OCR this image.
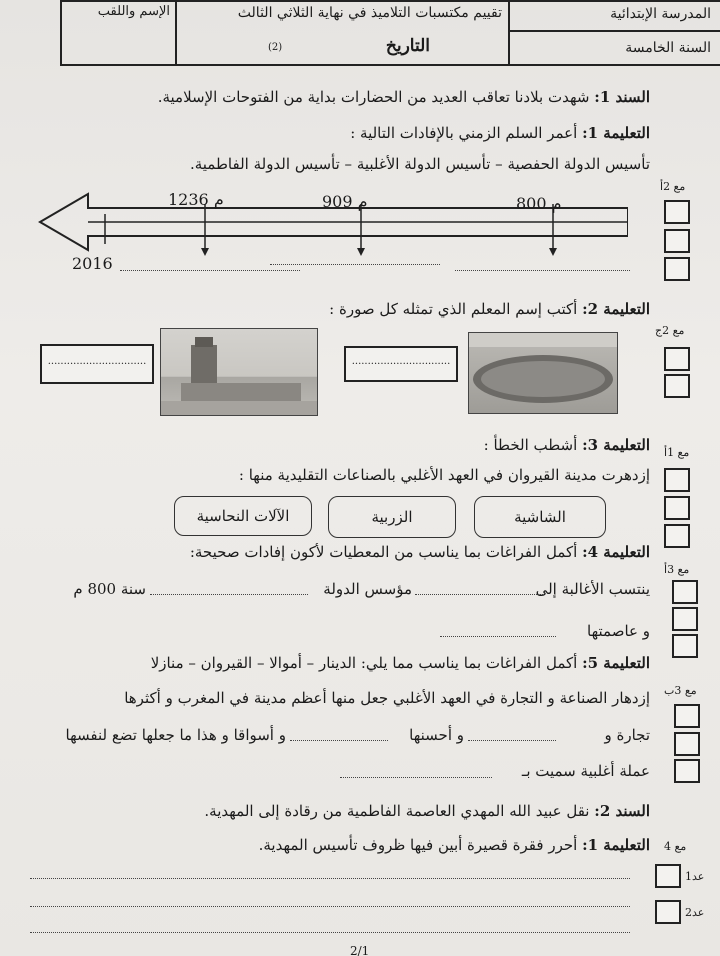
المدرسة الإبتدائية
السنة الخامسة
تقييم مكتسبات التلاميذ في نهاية الثلاثي الثالث
التاريخ
(2)
الإسم واللقب
السند 1: شهدت بلادنا تعاقب العديد من الحضارات بداية من الفتوحات الإسلامية.
التعليمة 1: أعمر السلم الزمني بالإفادات التالية :
تأسيس الدولة الحفصية – تأسيس الدولة الأغلبية – تأسيس الدولة الفاطمية.
1236 م	909 م	800 م
2016
التعليمة 2: أكتب إسم المعلم الذي تمثله كل صورة :
...............................	...............................
التعليمة 3: أشطب الخطأ :
إزدهرت مدينة القيروان في العهد الأغلبي بالصناعات التقليدية منها :
الشاشية
الزربية
الآلات النحاسية
التعليمة 4: أكمل الفراغات بما يناسب من المعطيات لأكون إفادات صحيحة:
ينتسب الأغالبة إلى
مؤسس الدولة
سنة 800 م
و عاصمتها
التعليمة 5: أكمل الفراغات بما يناسب مما يلي: الدينار – أموالا – القيروان – منازلا
إزدهار الصناعة و التجارة في العهد الأغلبي جعل منها أعظم مدينة في المغرب و أكثرها
تجارة و
و أحسنها
و أسواقا و هذا ما جعلها تضع لنفسها
عملة أغلبية سميت بـ
السند 2: نقل عبيد الله المهدي العاصمة الفاطمية من رقادة إلى المهدية.
التعليمة 1: أحرر فقرة قصيرة أبين فيها ظروف تأسيس المهدية.
مع 2أ
مع 2ج
مع 1أ
مع 3أ
مع 3ب
مع 4
عد1
عد2
2/1
